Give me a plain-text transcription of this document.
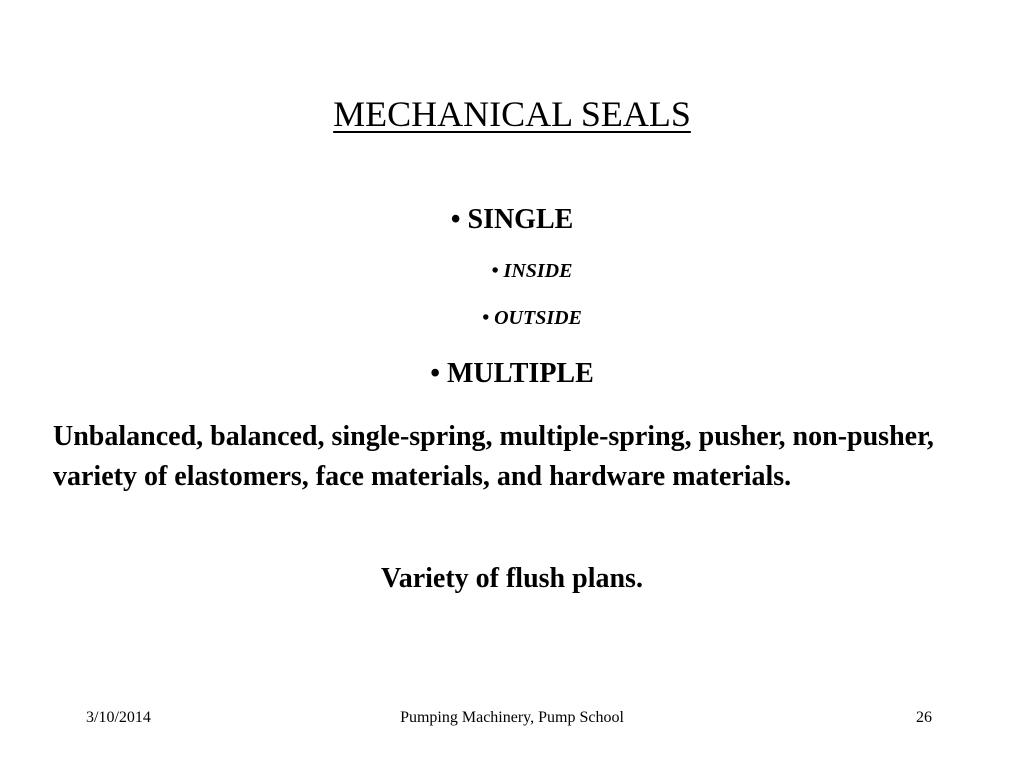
MECHANICAL SEALS
• SINGLE
• INSIDE
• OUTSIDE
• MULTIPLE
Unbalanced, balanced, single-spring, multiple-spring, pusher, non-pusher, variety of elastomers, face materials, and hardware materials.
Variety of flush plans.
3/10/2014	Pumping Machinery, Pump School	26
